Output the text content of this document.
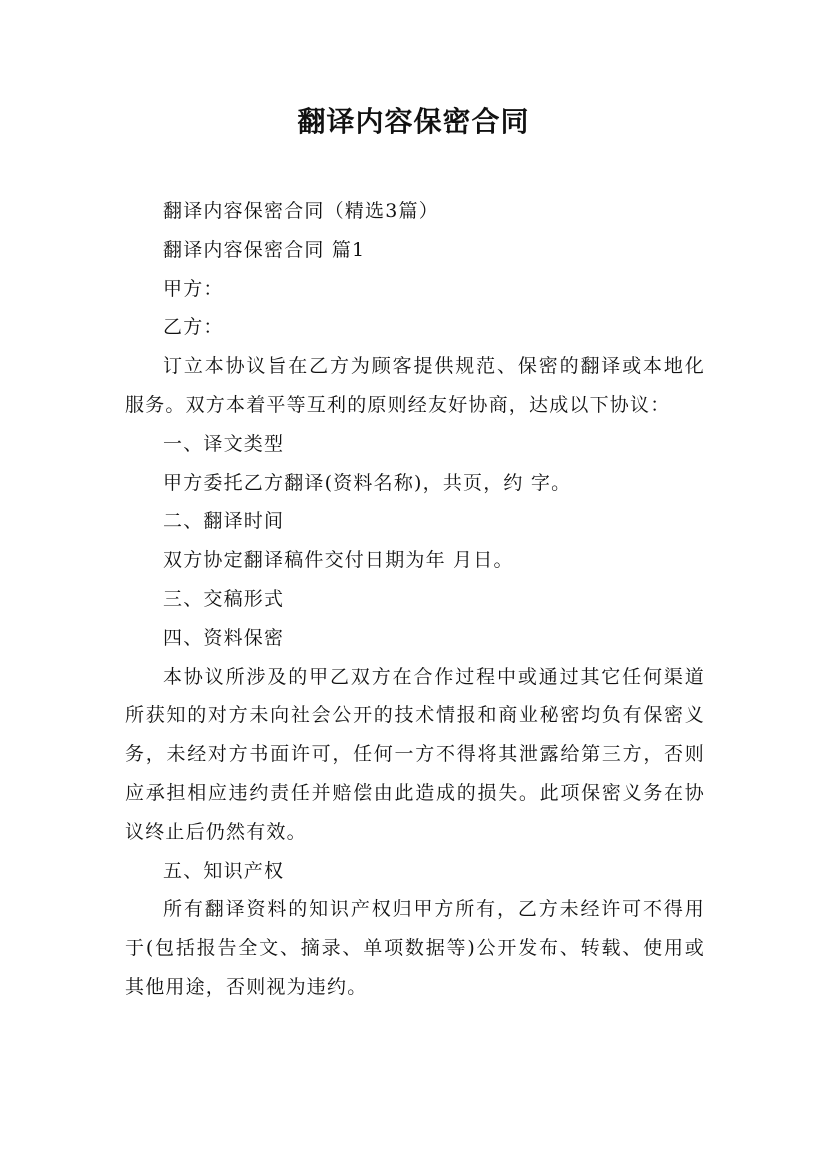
翻译内容保密合同

翻译内容保密合同（精选3篇）

翻译内容保密合同 篇1

甲方：

乙方：

订立本协议旨在乙方为顾客提供规范、保密的翻译或本地化服务。双方本着平等互利的原则经友好协商，达成以下协议：

一、译文类型

甲方委托乙方翻译(资料名称)，共页，约 字。

二、翻译时间

双方协定翻译稿件交付日期为年 月日。

三、交稿形式

四、资料保密

本协议所涉及的甲乙双方在合作过程中或通过其它任何渠道所获知的对方未向社会公开的技术情报和商业秘密均负有保密义务，未经对方书面许可，任何一方不得将其泄露给第三方，否则应承担相应违约责任并赔偿由此造成的损失。此项保密义务在协议终止后仍然有效。

五、知识产权

所有翻译资料的知识产权归甲方所有，乙方未经许可不得用于(包括报告全文、摘录、单项数据等)公开发布、转载、使用或其他用途，否则视为违约。
